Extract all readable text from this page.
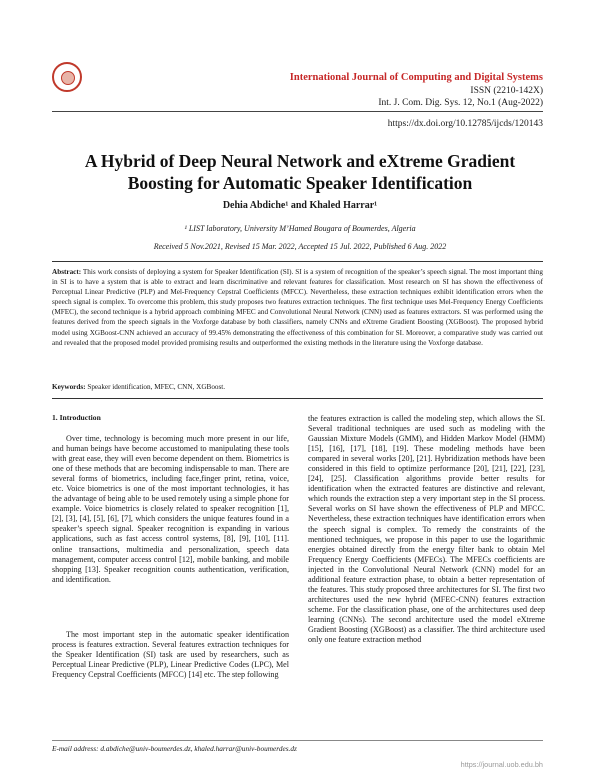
International Journal of Computing and Digital Systems
ISSN (2210-142X)
Int. J. Com. Dig. Sys. 12, No.1 (Aug-2022)
https://dx.doi.org/10.12785/ijcds/120143
A Hybrid of Deep Neural Network and eXtreme Gradient
Boosting for Automatic Speaker Identification
Dehia Abdiche¹ and Khaled Harrar¹
¹ LIST laboratory, University M’Hamed Bougara of Boumerdes, Algeria
Received 5 Nov.2021, Revised 15 Mar. 2022, Accepted 15 Jul. 2022, Published 6 Aug. 2022
Abstract: This work consists of deploying a system for Speaker Identification (SI). SI is a system of recognition of the speaker’s speech signal. The most important thing in SI is to have a system that is able to extract and learn discriminative and relevant features for classification. Most research on SI has shown the effectiveness of Perceptual Linear Predictive (PLP) and Mel-Frequency Cepstral Coefficients (MFCC). Nevertheless, these extraction techniques exhibit identification errors when the speech signal is complex. To overcome this problem, this study proposes two features extraction techniques. The first technique uses Mel-Frequency Energy Coefficients (MFEC), the second technique is a hybrid approach combining MFEC and Convolutional Neural Network (CNN) used as features extractors. SI was performed using the features derived from the speech signals in the Voxforge database by both classifiers, namely CNNs and eXtreme Gradient Boosting (XGBoost). The proposed hybrid model using XGBoost-CNN achieved an accuracy of 99.45% demonstrating the effectiveness of this combination for SI. Moreover, a comparative study was carried out and revealed that the proposed model provided promising results and outperformed the existing methods in the literature using the Voxforge database.
Keywords: Speaker identification, MFEC, CNN, XGBoost.
1. Introduction

Over time, technology is becoming much more present in our life, and human beings have become accustomed to manipulating these tools with great ease, they will even become dependent on them. Biometrics is one of these methods that are becoming indispensable to man. There are several forms of biometrics, including face,finger print, retina, voice, etc. Voice biometrics is one of the most important technologies, it has the advantage of being able to be used remotely using a simple phone for example. Voice biometrics is closely related to speaker recognition [1], [2], [3], [4], [5], [6], [7], which considers the unique features found in a speaker’s speech signal. Speaker recognition is expanding in various applications, such as fast access control systems, [8], [9], [10], [11]. online transactions, multimedia and personalization, speech data management, computer access control [12], mobile banking, and mobile shopping [13]. Speaker recognition counts authentication, verification, and identification.

The most important step in the automatic speaker identification process is features extraction. Several features extraction techniques for the Speaker Identification (SI) task are used by researchers, such as Perceptual Linear Predictive (PLP), Linear Predictive Codes (LPC), Mel Frequency Cepstral Coefficients (MFCC) [14] etc. The step following

the features extraction is called the modeling step, which allows the SI. Several traditional techniques are used such as modeling with the Gaussian Mixture Models (GMM), and Hidden Markov Model (HMM) [15], [16], [17], [18], [19]. These modeling methods have been compared in several works [20], [21]. Hybridization methods have been considered in this field to optimize performance [20], [21], [22], [23], [24], [25]. Classification algorithms provide better results for identification when the extracted features are distinctive and relevant, which rounds the extraction step a very important step in the SI process. Several works on SI have shown the effectiveness of PLP and MFCC. Nevertheless, these extraction techniques have identification errors when the speech signal is complex. To remedy the constraints of the mentioned techniques, we propose in this paper to use the logarithmic energies obtained directly from the energy filter bank to obtain Mel Frequency Energy Coefficients (MFECs). The MFECs coefficients are injected in the Convolutional Neural Network (CNN) model for an additional feature extraction phase, to obtain a better representation of the features. This study proposed three architectures for SI. The first two architectures used the new hybrid (MFEC-CNN) features extraction scheme. For the classification phase, one of the architectures used deep learning (CNNs). The second architecture used the model eXtreme Gradient Boosting (XGBoost) as a classifier. The third architecture used only one feature extraction method

E-mail address: d.abdiche@univ-boumerdes.dz, khaled.harrar@univ-boumerdes.dz
https://journal.uob.edu.bh
